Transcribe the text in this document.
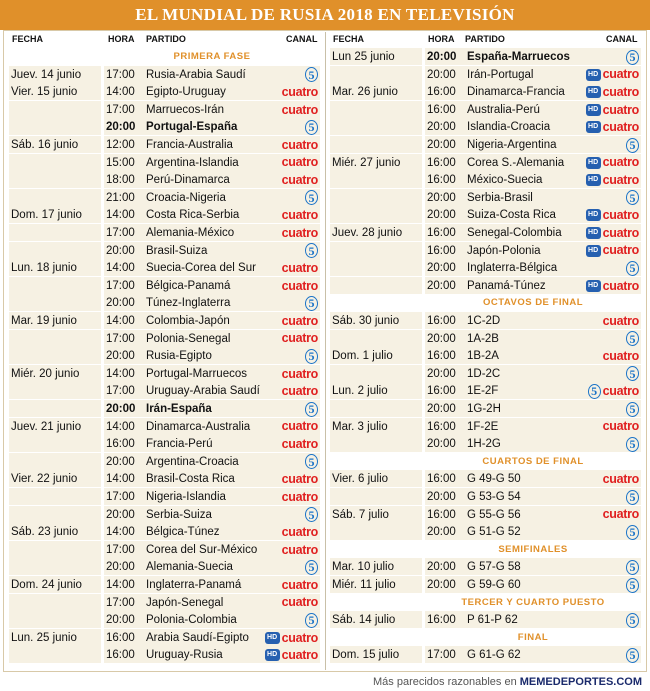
EL MUNDIAL DE RUSIA 2018 EN TELEVISIÓN
FECHA	HORA PARTIDO	CANAL FECHA	HORA PARTIDO	CANAL
PRIMERA FASE
Juev. 14 junio 17:00 Rusia-Arabia Saudí	5
Vier. 15 junio 14:00 Egipto-Uruguay	cuatro
17:00 Marruecos-Irán	cuatro
20:00 Portugal-España	5
Sáb. 16 junio 12:00 Francia-Australia	cuatro
15:00 Argentina-Islandia	cuatro
18:00 Perú-Dinamarca	cuatro
21:00 Croacia-Nigeria	5
Dom. 17 junio 14:00 Costa Rica-Serbia	cuatro
17:00 Alemania-México	cuatro
20:00 Brasil-Suiza	5
Lun. 18 junio	14:00 Suecia-Corea del Sur cuatro
17:00 Bélgica-Panamá	cuatro
20:00 Túnez-Inglaterra	5
Mar. 19 junio	14:00 Colombia-Japón	cuatro
17:00 Polonia-Senegal	cuatro
20:00 Rusia-Egipto	5
Miér. 20 junio 14:00 Portugal-Marruecos	cuatro
17:00 Uruguay-Arabia Saudí cuatro
20:00 Irán-España	5
Juev. 21 junio 14:00 Dinamarca-Australia	cuatro
16:00 Francia-Perú	cuatro
20:00 Argentina-Croacia	5
Vier. 22 junio 14:00 Brasil-Costa Rica	cuatro
17:00 Nigeria-Islandia	cuatro
20:00 Serbia-Suiza	5
Sáb. 23 junio 14:00 Bélgica-Túnez	cuatro
17:00 Corea del Sur-México cuatro
20:00 Alemania-Suecia	5
Dom. 24 junio 14:00 Inglaterra-Panamá	cuatro
17:00 Japón-Senegal	cuatro
20:00 Polonia-Colombia	5
Lun. 25 junio	16:00 Arabia Saudí-Egipto	HD cuatro
16:00 Uruguay-Rusia	HD cuatro
Lun 25 junio	20:00 España-Marruecos	5
20:00 Irán-Portugal	HD cuatro
Mar. 26 junio	16:00 Dinamarca-Francia	HD cuatro
16:00 Australia-Perú	HD cuatro
20:00 Islandia-Croacia	HD cuatro
20:00 Nigeria-Argentina	5
Miér. 27 junio 16:00 Corea S.-Alemania	HD cuatro
16:00 México-Suecia	HD cuatro
20:00 Serbia-Brasil	5
20:00 Suiza-Costa Rica	HD cuatro
Juev. 28 junio 16:00 Senegal-Colombia	HD cuatro
16:00 Japón-Polonia	HD cuatro
20:00 Inglaterra-Bélgica	5
20:00 Panamá-Túnez	HD cuatro
OCTAVOS DE FINAL
Sáb. 30 junio 16:00 1C-2D	cuatro
20:00 1A-2B	5
Dom. 1 julio	16:00 1B-2A	cuatro
20:00 1D-2C	5
Lun. 2 julio	16:00 1E-2F	5 cuatro
20:00 1G-2H	5
Mar. 3 julio	16:00 1F-2E	cuatro
20:00 1H-2G	5
CUARTOS DE FINAL
Vier. 6 julio	16:00 G 49-G 50	cuatro
20:00 G 53-G 54	5
Sáb. 7 julio	16:00 G 55-G 56	cuatro
20:00 G 51-G 52	5
SEMIFINALES
Mar. 10 julio	20:00 G 57-G 58	5
Miér. 11 julio	20:00 G 59-G 60	5
TERCER Y CUARTO PUESTO
Sáb. 14 julio	16:00 P 61-P 62	5
FINAL
Dom. 15 julio 17:00 G 61-G 62	5
Más parecidos razonables en MEMEDEPORTES.COM
